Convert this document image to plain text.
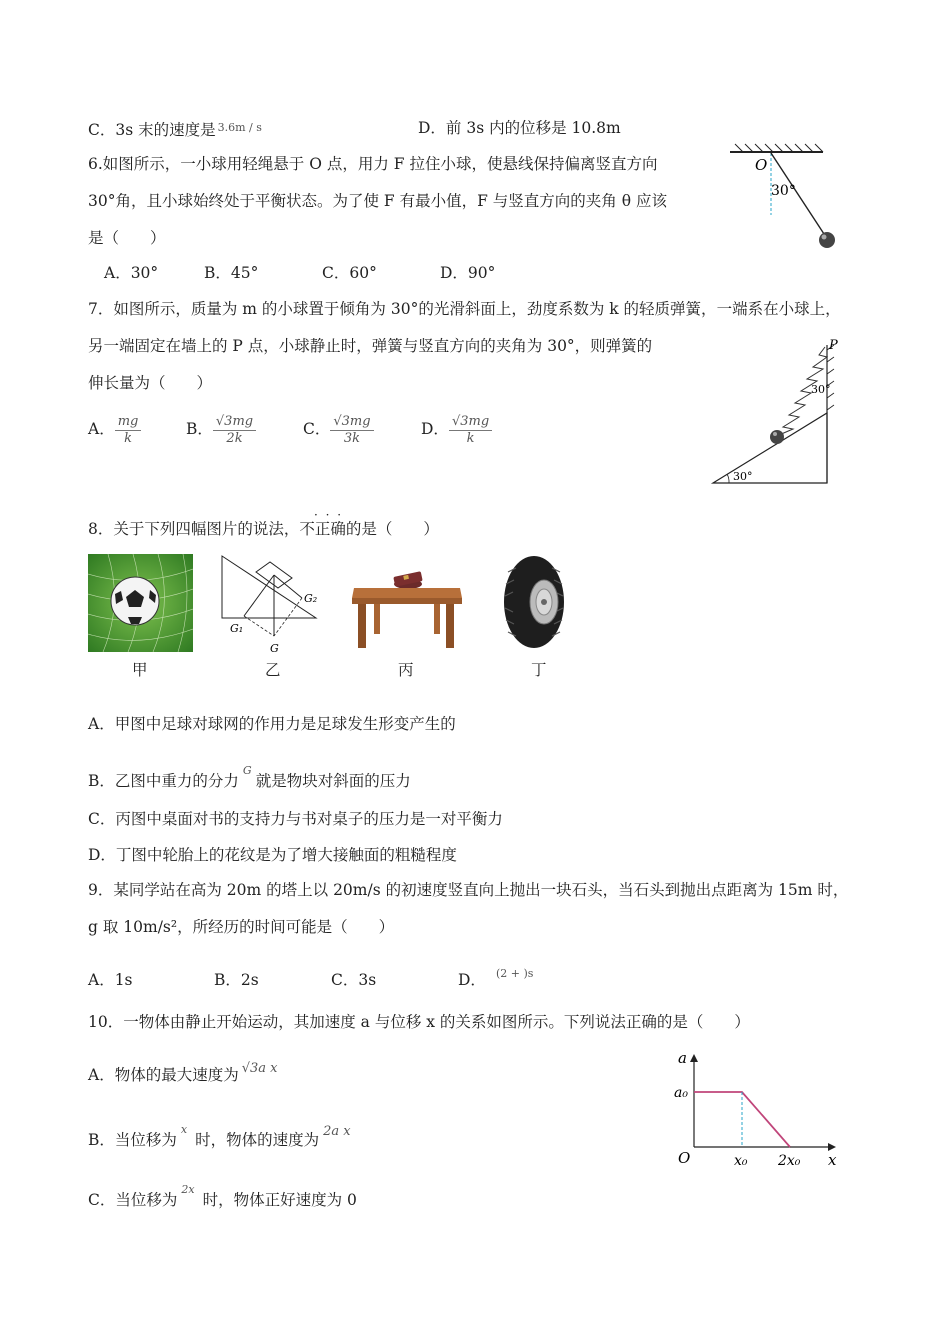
C．3s 末的速度是 $^{3.6m / s}$	D．前 3s 内的位移是 10.8m
6.如图所示，一小球用轻绳悬于 O 点，用力 F 拉住小球，使悬线保持偏离竖直方向
30°角，且小球始终处于平衡状态。为了使 F 有最小值，F 与竖直方向的夹角 θ 应该
是（　　）
A．30°	B．45°	C．60°	D．90°
O
30°
7．如图所示，质量为 m 的小球置于倾角为 30°的光滑斜面上，劲度系数为 k 的轻质弹簧，一端系在小球上，
另一端固定在墙上的 P 点，小球静止时，弹簧与竖直方向的夹角为 30°，则弹簧的
伸长量为（　　）
A． $\frac{mg}{k}$	B． $\frac{√3mg}{2k}$	C． $\frac{√3mg}{3k}$	D． $\frac{√3mg}{k}$
P
30°
30°
· · ·
8．关于下列四幅图片的说法，不正确的是（　　）
甲
G
G₁
G₂
乙	丙	丁
A．甲图中足球对球网的作用力是足球发生形变产生的
B．乙图中重力的分力$^G$就是物块对斜面的压力
C．丙图中桌面对书的支持力与书对桌子的压力是一对平衡力
D．丁图中轮胎上的花纹是为了增大接触面的粗糙程度
9．某同学站在高为 20m 的塔上以 20m/s 的初速度竖直向上抛出一块石头，当石头到抛出点距离为 15m 时，
g 取 10m/s²，所经历的时间可能是（　　）
A．1s	B．2s	C．3s	D． $^{(2 + )s}$
10．一物体由静止开始运动，其加速度 a 与位移 x 的关系如图所示。下列说法正确的是（　　）
A．物体的最大速度为 $^{√3a x}$
B．当位移为$^x$时，物体的速度为 $^{2a x}$
C．当位移为$^{2x}$时，物体正好速度为 0
a
a₀
O	x₀ 2x₀ x
